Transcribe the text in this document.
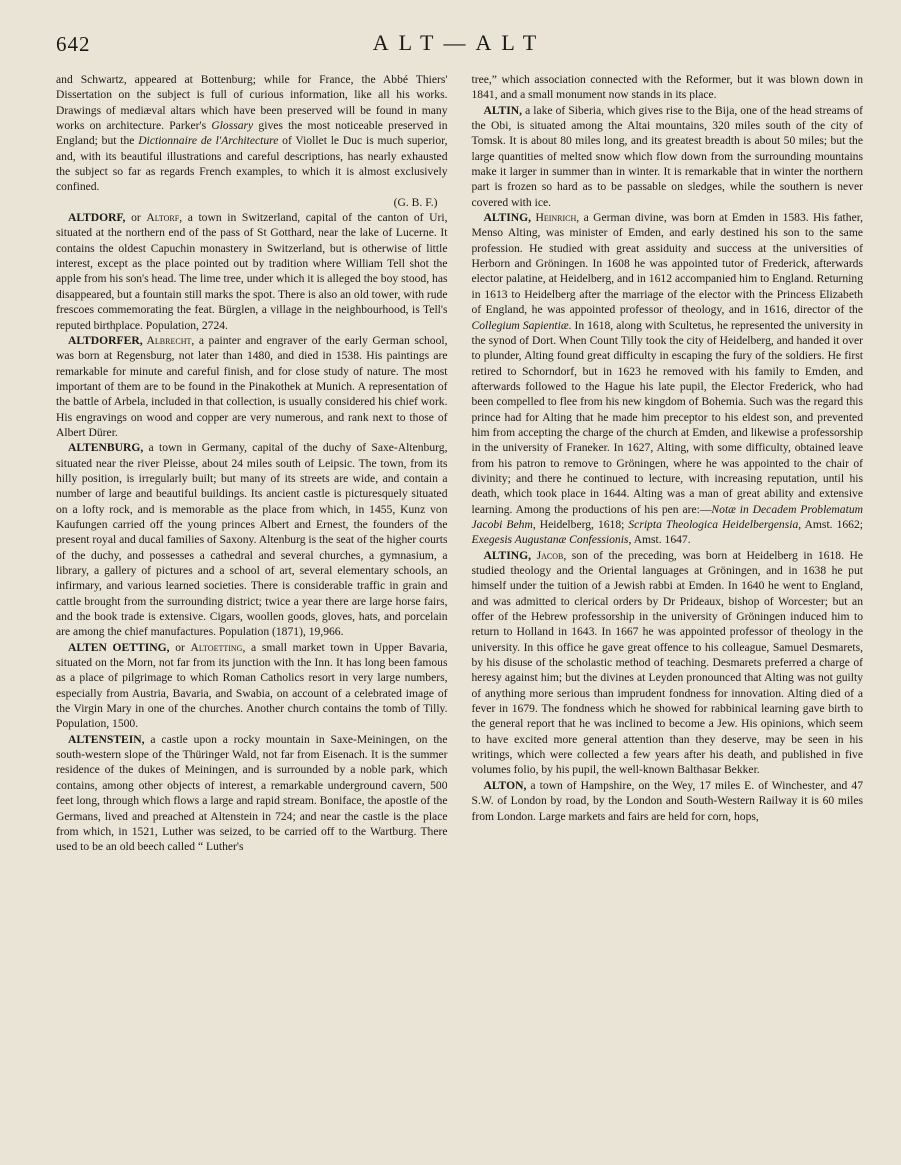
642	ALT—ALT

and Schwartz, appeared at Bottenburg; while for France, the Abbé Thiers' Dissertation on the subject is full of curious information, like all his works. Drawings of mediæval altars which have been preserved will be found in many works on architecture. Parker's Glossary gives the most noticeable preserved in England; but the Dictionnaire de l'Architecture of Viollet le Duc is much superior, and, with its beautiful illustrations and careful descriptions, has nearly exhausted the subject so far as regards French examples, to which it is almost exclusively confined.
(G. B. F.)

ALTDORF, or Altorf, a town in Switzerland, capital of the canton of Uri, situated at the northern end of the pass of St Gotthard, near the lake of Lucerne. It contains the oldest Capuchin monastery in Switzerland, but is otherwise of little interest, except as the place pointed out by tradition where William Tell shot the apple from his son's head. The lime tree, under which it is alleged the boy stood, has disappeared, but a fountain still marks the spot. There is also an old tower, with rude frescoes commemorating the feat. Bürglen, a village in the neighbourhood, is Tell's reputed birthplace. Population, 2724.

ALTDORFER, Albrecht, a painter and engraver of the early German school, was born at Regensburg, not later than 1480, and died in 1538. His paintings are remarkable for minute and careful finish, and for close study of nature. The most important of them are to be found in the Pinakothek at Munich. A representation of the battle of Arbela, included in that collection, is usually considered his chief work. His engravings on wood and copper are very numerous, and rank next to those of Albert Dürer.

ALTENBURG, a town in Germany, capital of the duchy of Saxe-Altenburg, situated near the river Pleisse, about 24 miles south of Leipsic. The town, from its hilly position, is irregularly built; but many of its streets are wide, and contain a number of large and beautiful buildings. Its ancient castle is picturesquely situated on a lofty rock, and is memorable as the place from which, in 1455, Kunz von Kaufungen carried off the young princes Albert and Ernest, the founders of the present royal and ducal families of Saxony. Altenburg is the seat of the higher courts of the duchy, and possesses a cathedral and several churches, a gymnasium, a library, a gallery of pictures and a school of art, several elementary schools, an infirmary, and various learned societies. There is considerable traffic in grain and cattle brought from the surrounding district; twice a year there are large horse fairs, and the book trade is extensive. Cigars, woollen goods, gloves, hats, and porcelain are among the chief manufactures. Population (1871), 19,966.

ALTEN OETTING, or Altoetting, a small market town in Upper Bavaria, situated on the Morn, not far from its junction with the Inn. It has long been famous as a place of pilgrimage to which Roman Catholics resort in very large numbers, especially from Austria, Bavaria, and Swabia, on account of a celebrated image of the Virgin Mary in one of the churches. Another church contains the tomb of Tilly. Population, 1500.

ALTENSTEIN, a castle upon a rocky mountain in Saxe-Meiningen, on the south-western slope of the Thüringer Wald, not far from Eisenach. It is the summer residence of the dukes of Meiningen, and is surrounded by a noble park, which contains, among other objects of interest, a remarkable underground cavern, 500 feet long, through which flows a large and rapid stream. Boniface, the apostle of the Germans, lived and preached at Altenstein in 724; and near the castle is the place from which, in 1521, Luther was seized, to be carried off to the Wartburg. There used to be an old beech called “ Luther's

tree,” which association connected with the Reformer, but it was blown down in 1841, and a small monument now stands in its place.

ALTIN, a lake of Siberia, which gives rise to the Bija, one of the head streams of the Obi, is situated among the Altai mountains, 320 miles south of the city of Tomsk. It is about 80 miles long, and its greatest breadth is about 50 miles; but the large quantities of melted snow which flow down from the surrounding mountains make it larger in summer than in winter. It is remarkable that in winter the northern part is frozen so hard as to be passable on sledges, while the southern is never covered with ice.

ALTING, Heinrich, a German divine, was born at Emden in 1583. His father, Menso Alting, was minister of Emden, and early destined his son to the same profession. He studied with great assiduity and success at the universities of Herborn and Gröningen. In 1608 he was appointed tutor of Frederick, afterwards elector palatine, at Heidelberg, and in 1612 accompanied him to England. Returning in 1613 to Heidelberg after the marriage of the elector with the Princess Elizabeth of England, he was appointed professor of theology, and in 1616, director of the Collegium Sapientiæ. In 1618, along with Scultetus, he represented the university in the synod of Dort. When Count Tilly took the city of Heidelberg, and handed it over to plunder, Alting found great difficulty in escaping the fury of the soldiers. He first retired to Schorndorf, but in 1623 he removed with his family to Emden, and afterwards followed to the Hague his late pupil, the Elector Frederick, who had been compelled to flee from his new kingdom of Bohemia. Such was the regard this prince had for Alting that he made him preceptor to his eldest son, and prevented him from accepting the charge of the church at Emden, and likewise a professorship in the university of Franeker. In 1627, Alting, with some difficulty, obtained leave from his patron to remove to Gröningen, where he was appointed to the chair of divinity; and there he continued to lecture, with increasing reputation, until his death, which took place in 1644. Alting was a man of great ability and extensive learning. Among the productions of his pen are:—Notæ in Decadem Problematum Jacobi Behm, Heidelberg, 1618; Scripta Theologica Heidelbergensia, Amst. 1662; Exegesis Augustanæ Confessionis, Amst. 1647.

ALTING, Jacob, son of the preceding, was born at Heidelberg in 1618. He studied theology and the Oriental languages at Gröningen, and in 1638 he put himself under the tuition of a Jewish rabbi at Emden. In 1640 he went to England, and was admitted to clerical orders by Dr Prideaux, bishop of Worcester; but an offer of the Hebrew professorship in the university of Gröningen induced him to return to Holland in 1643. In 1667 he was appointed professor of theology in the university. In this office he gave great offence to his colleague, Samuel Desmarets, by his disuse of the scholastic method of teaching. Desmarets preferred a charge of heresy against him; but the divines at Leyden pronounced that Alting was not guilty of anything more serious than imprudent fondness for innovation. Alting died of a fever in 1679. The fondness which he showed for rabbinical learning gave birth to the general report that he was inclined to become a Jew. His opinions, which seem to have excited more general attention than they deserve, may be seen in his writings, which were collected a few years after his death, and published in five volumes folio, by his pupil, the well-known Balthasar Bekker.

ALTON, a town of Hampshire, on the Wey, 17 miles E. of Winchester, and 47 S.W. of London by road, by the London and South-Western Railway it is 60 miles from London. Large markets and fairs are held for corn, hops,
